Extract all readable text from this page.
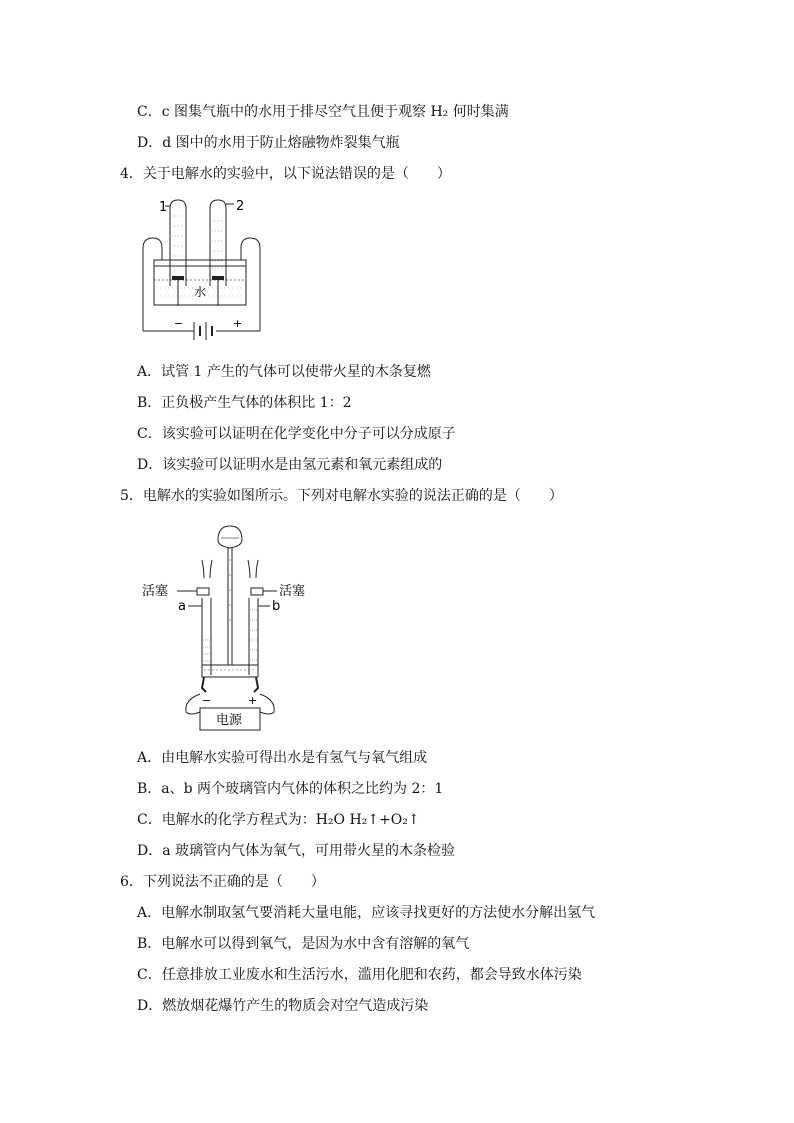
C．c 图集气瓶中的水用于排尽空气且便于观察 H₂ 何时集满
D．d 图中的水用于防止熔融物炸裂集气瓶
4．关于电解水的实验中，以下说法错误的是（　　）
−	+
水
1	2
A．试管 1 产生的气体可以使带火星的木条复燃
B．正负极产生气体的体积比 1：2
C．该实验可以证明在化学变化中分子可以分成原子
D．该实验可以证明水是由氢元素和氧元素组成的
5．电解水的实验如图所示。下列对电解水实验的说法正确的是（　　）
−	+
电源
活塞	活塞
a	b
A．由电解水实验可得出水是有氢气与氧气组成
B．a、b 两个玻璃管内气体的体积之比约为 2：1
C．电解水的化学方程式为：H₂O H₂↑+O₂↑
D．a 玻璃管内气体为氧气，可用带火星的木条检验
6．下列说法不正确的是（　　）
A．电解水制取氢气要消耗大量电能，应该寻找更好的方法使水分解出氢气
B．电解水可以得到氧气，是因为水中含有溶解的氧气
C．任意排放工业废水和生活污水，滥用化肥和农药，都会导致水体污染
D．燃放烟花爆竹产生的物质会对空气造成污染
